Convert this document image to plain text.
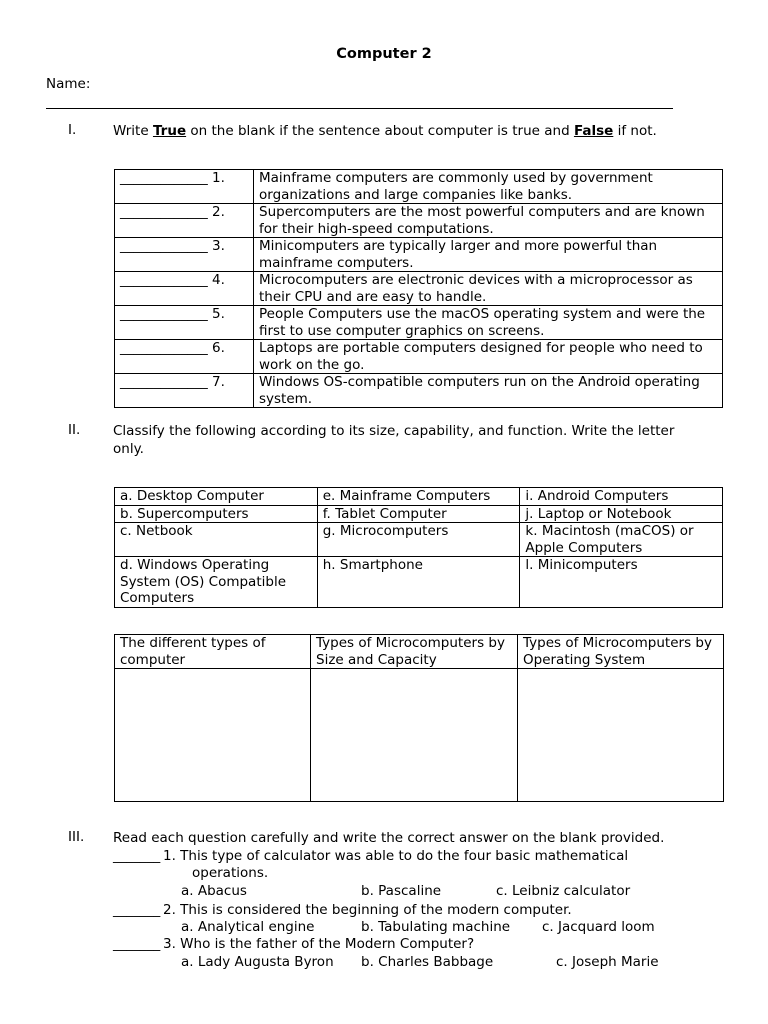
Computer 2
Name:
I.	Write True on the blank if the sentence about computer is true and False if not.
_____________ 1.	Mainframe computers are commonly used by government organizations and large companies like banks.
_____________ 2.	Supercomputers are the most powerful computers and are known for their high-speed computations.
_____________ 3.	Minicomputers are typically larger and more powerful than mainframe computers.
_____________ 4.	Microcomputers are electronic devices with a microprocessor as their CPU and are easy to handle.
_____________ 5.	People Computers use the macOS operating system and were the first to use computer graphics on screens.
_____________ 6.	Laptops are portable computers designed for people who need to work on the go.
_____________ 7.	Windows OS-compatible computers run on the Android operating system.
II. Classify the following according to its size, capability, and function. Write the letter only.
a. Desktop Computer	e. Mainframe Computers	i. Android Computers
b. Supercomputers	f. Tablet Computer	j. Laptop or Notebook
c. Netbook	g. Microcomputers	k. Macintosh (maCOS) or Apple Computers
d. Windows Operating System (OS) Compatible Computers	h. Smartphone	l. Minicomputers
The different types of computer	Types of Microcomputers by Size and Capacity	Types of Microcomputers by Operating System

III. Read each question carefully and write the correct answer on the blank provided.
_______ 1. This type of calculator was able to do the four basic mathematical
operations.
a. Abacus	b. Pascaline	c. Leibniz calculator
_______ 2. This is considered the beginning of the modern computer.
a. Analytical engine	b. Tabulating machine c. Jacquard loom
_______ 3. Who is the father of the Modern Computer?
a. Lady Augusta Byron b. Charles Babbage	c. Joseph Marie
